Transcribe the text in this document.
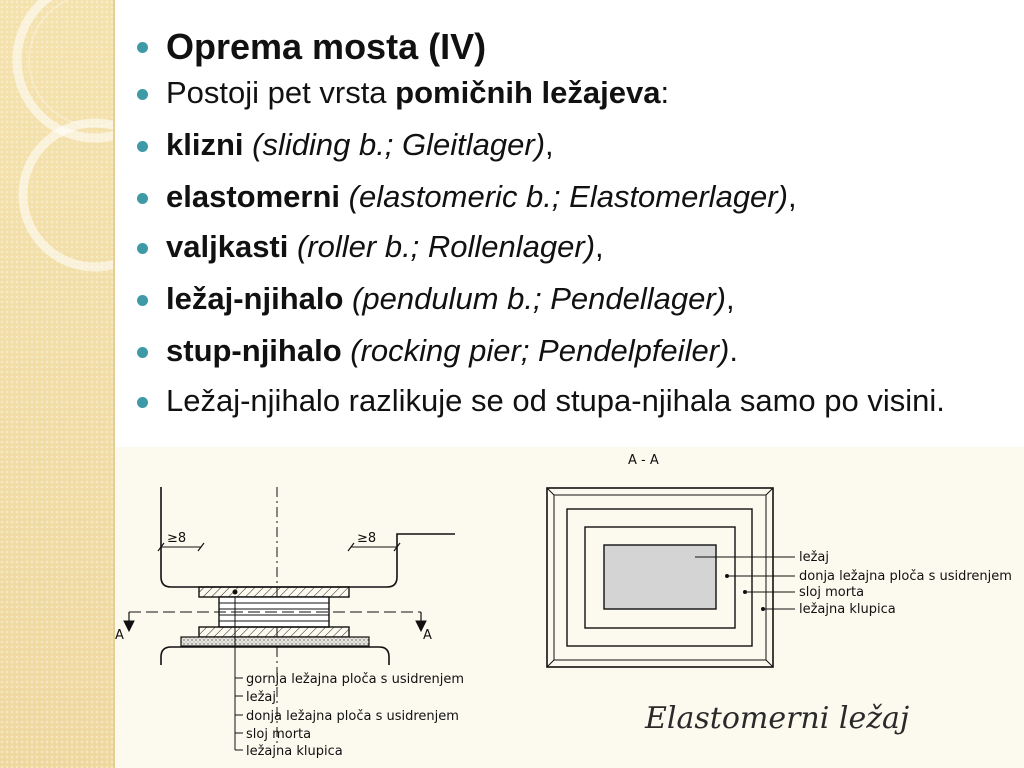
Oprema mosta (IV)
Postoji pet vrsta pomičnih ležajeva:
klizni (sliding b.; Gleitlager),
elastomerni (elastomeric b.; Elastomerlager),
valjkasti (roller b.; Rollenlager),
ležaj-njihalo (pendulum b.; Pendellager),
stup-njihalo (rocking pier; Pendelpfeiler).
Ležaj-njihalo razlikuje se od stupa-njihala samo po visini.
≥8	≥8
A	A
gornja ležajna ploča s usidrenjem
ležaj
donja ležajna ploča s usidrenjem
sloj morta
ležajna klupica
A - A
ležaj
donja ležajna ploča s usidrenjem
sloj morta
ležajna klupica
Elastomerni ležaj
